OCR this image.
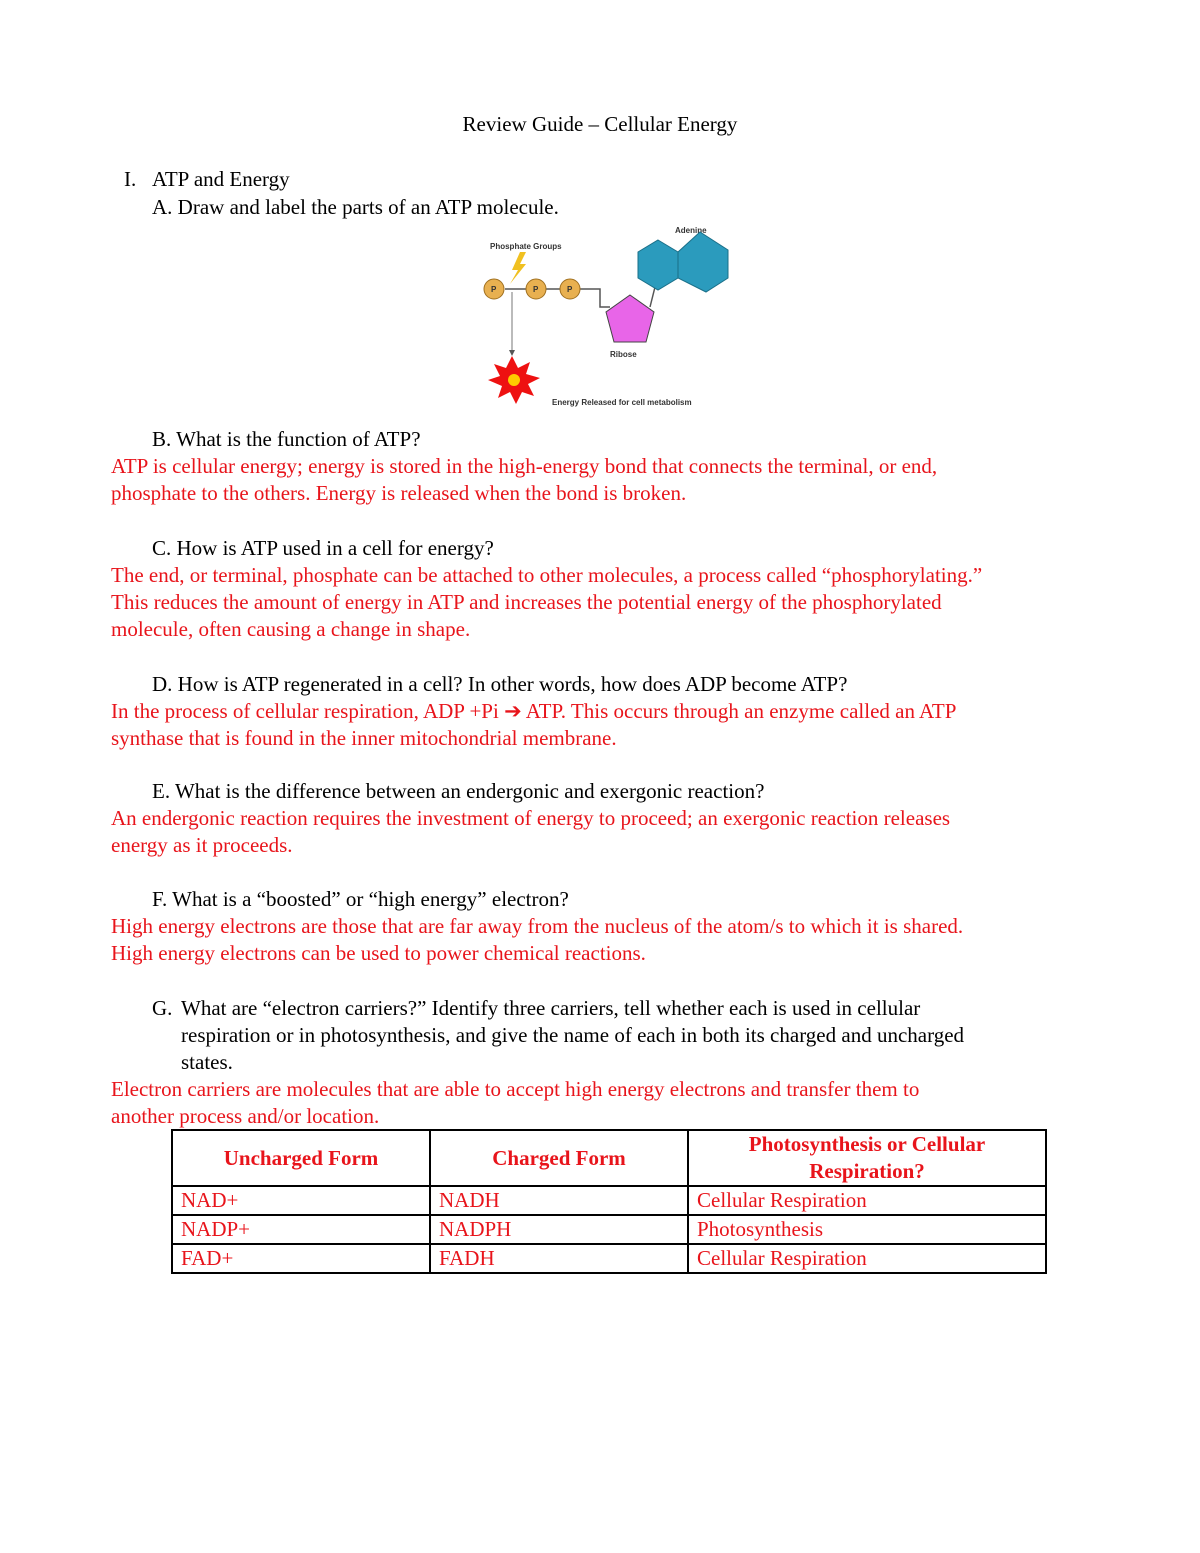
Review Guide – Cellular Energy
I. ATP and Energy
A. Draw and label the parts of an ATP molecule.
Phosphate Groups
Adenine
Ribose
Energy Released for cell metabolism
P	P	P
B. What is the function of ATP?
ATP is cellular energy; energy is stored in the high-energy bond that connects the terminal, or end,
phosphate to the others. Energy is released when the bond is broken.
C. How is ATP used in a cell for energy?
The end, or terminal, phosphate can be attached to other molecules, a process called “phosphorylating.”
This reduces the amount of energy in ATP and increases the potential energy of the phosphorylated
molecule, often causing a change in shape.
D. How is ATP regenerated in a cell? In other words, how does ADP become ATP?
In the process of cellular respiration, ADP +Pi ➔ ATP. This occurs through an enzyme called an ATP
synthase that is found in the inner mitochondrial membrane.
E. What is the difference between an endergonic and exergonic reaction?
An endergonic reaction requires the investment of energy to proceed; an exergonic reaction releases
energy as it proceeds.
F. What is a “boosted” or “high energy” electron?
High energy electrons are those that are far away from the nucleus of the atom/s to which it is shared.
High energy electrons can be used to power chemical reactions.
G. What are “electron carriers?” Identify three carriers, tell whether each is used in cellular
respiration or in photosynthesis, and give the name of each in both its charged and uncharged
states.
Electron carriers are molecules that are able to accept high energy electrons and transfer them to
another process and/or location.
Uncharged Form	Charged Form	Photosynthesis or Cellular Respiration?
NAD+	NADH	Cellular Respiration
NADP+	NADPH	Photosynthesis
FAD+	FADH	Cellular Respiration
